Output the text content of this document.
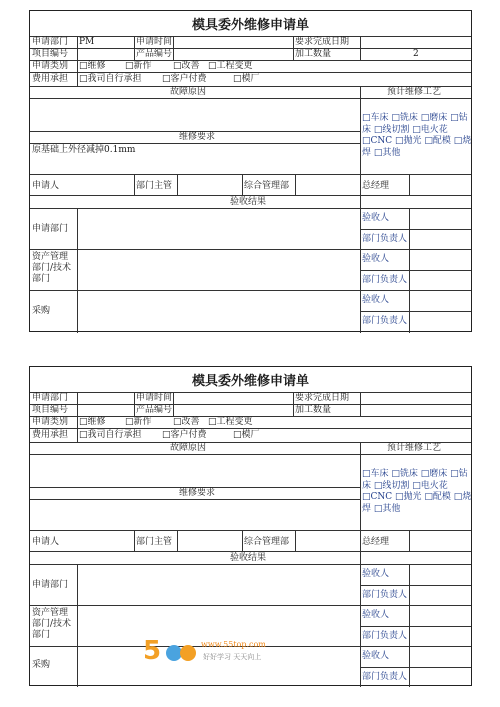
模具委外维修申请单
申请部门 PM	申请时间	要求完成日期
项目编号	产品编号	加工数量	2
申请类别 □维修 □新作 □改善 □工程变更
费用承担 □我司自行承担 □客户付费	□模厂
故障原因	预计维修工艺
□车床 □铣床 □磨床 □钻床 □线切割 □电火花 □CNC □抛光 □配模 □烧焊 □其他
维修要求
原基础上外径减掉0.1mm
申请人	部门主管	综合管理部	总经理
验收结果
申请部门
验收人
部门负责人
资产管理部门/技术部门
验收人
部门负责人
采购
验收人
部门负责人
模具委外维修申请单
申请部门	申请时间	要求完成日期
项目编号	产品编号	加工数量
申请类别 □维修 □新作 □改善 □工程变更
费用承担 □我司自行承担 □客户付费	□模厂
故障原因	预计维修工艺
□车床 □铣床 □磨床 □钻床 □线切割 □电火花 □CNC □抛光 □配模 □烧焊 □其他
维修要求
申请人	部门主管	综合管理部	总经理
验收结果
申请部门
验收人
部门负责人
资产管理部门/技术部门
验收人
部门负责人
采购
验收人
部门负责人
5	www.55top.com
好好学习 天天向上
